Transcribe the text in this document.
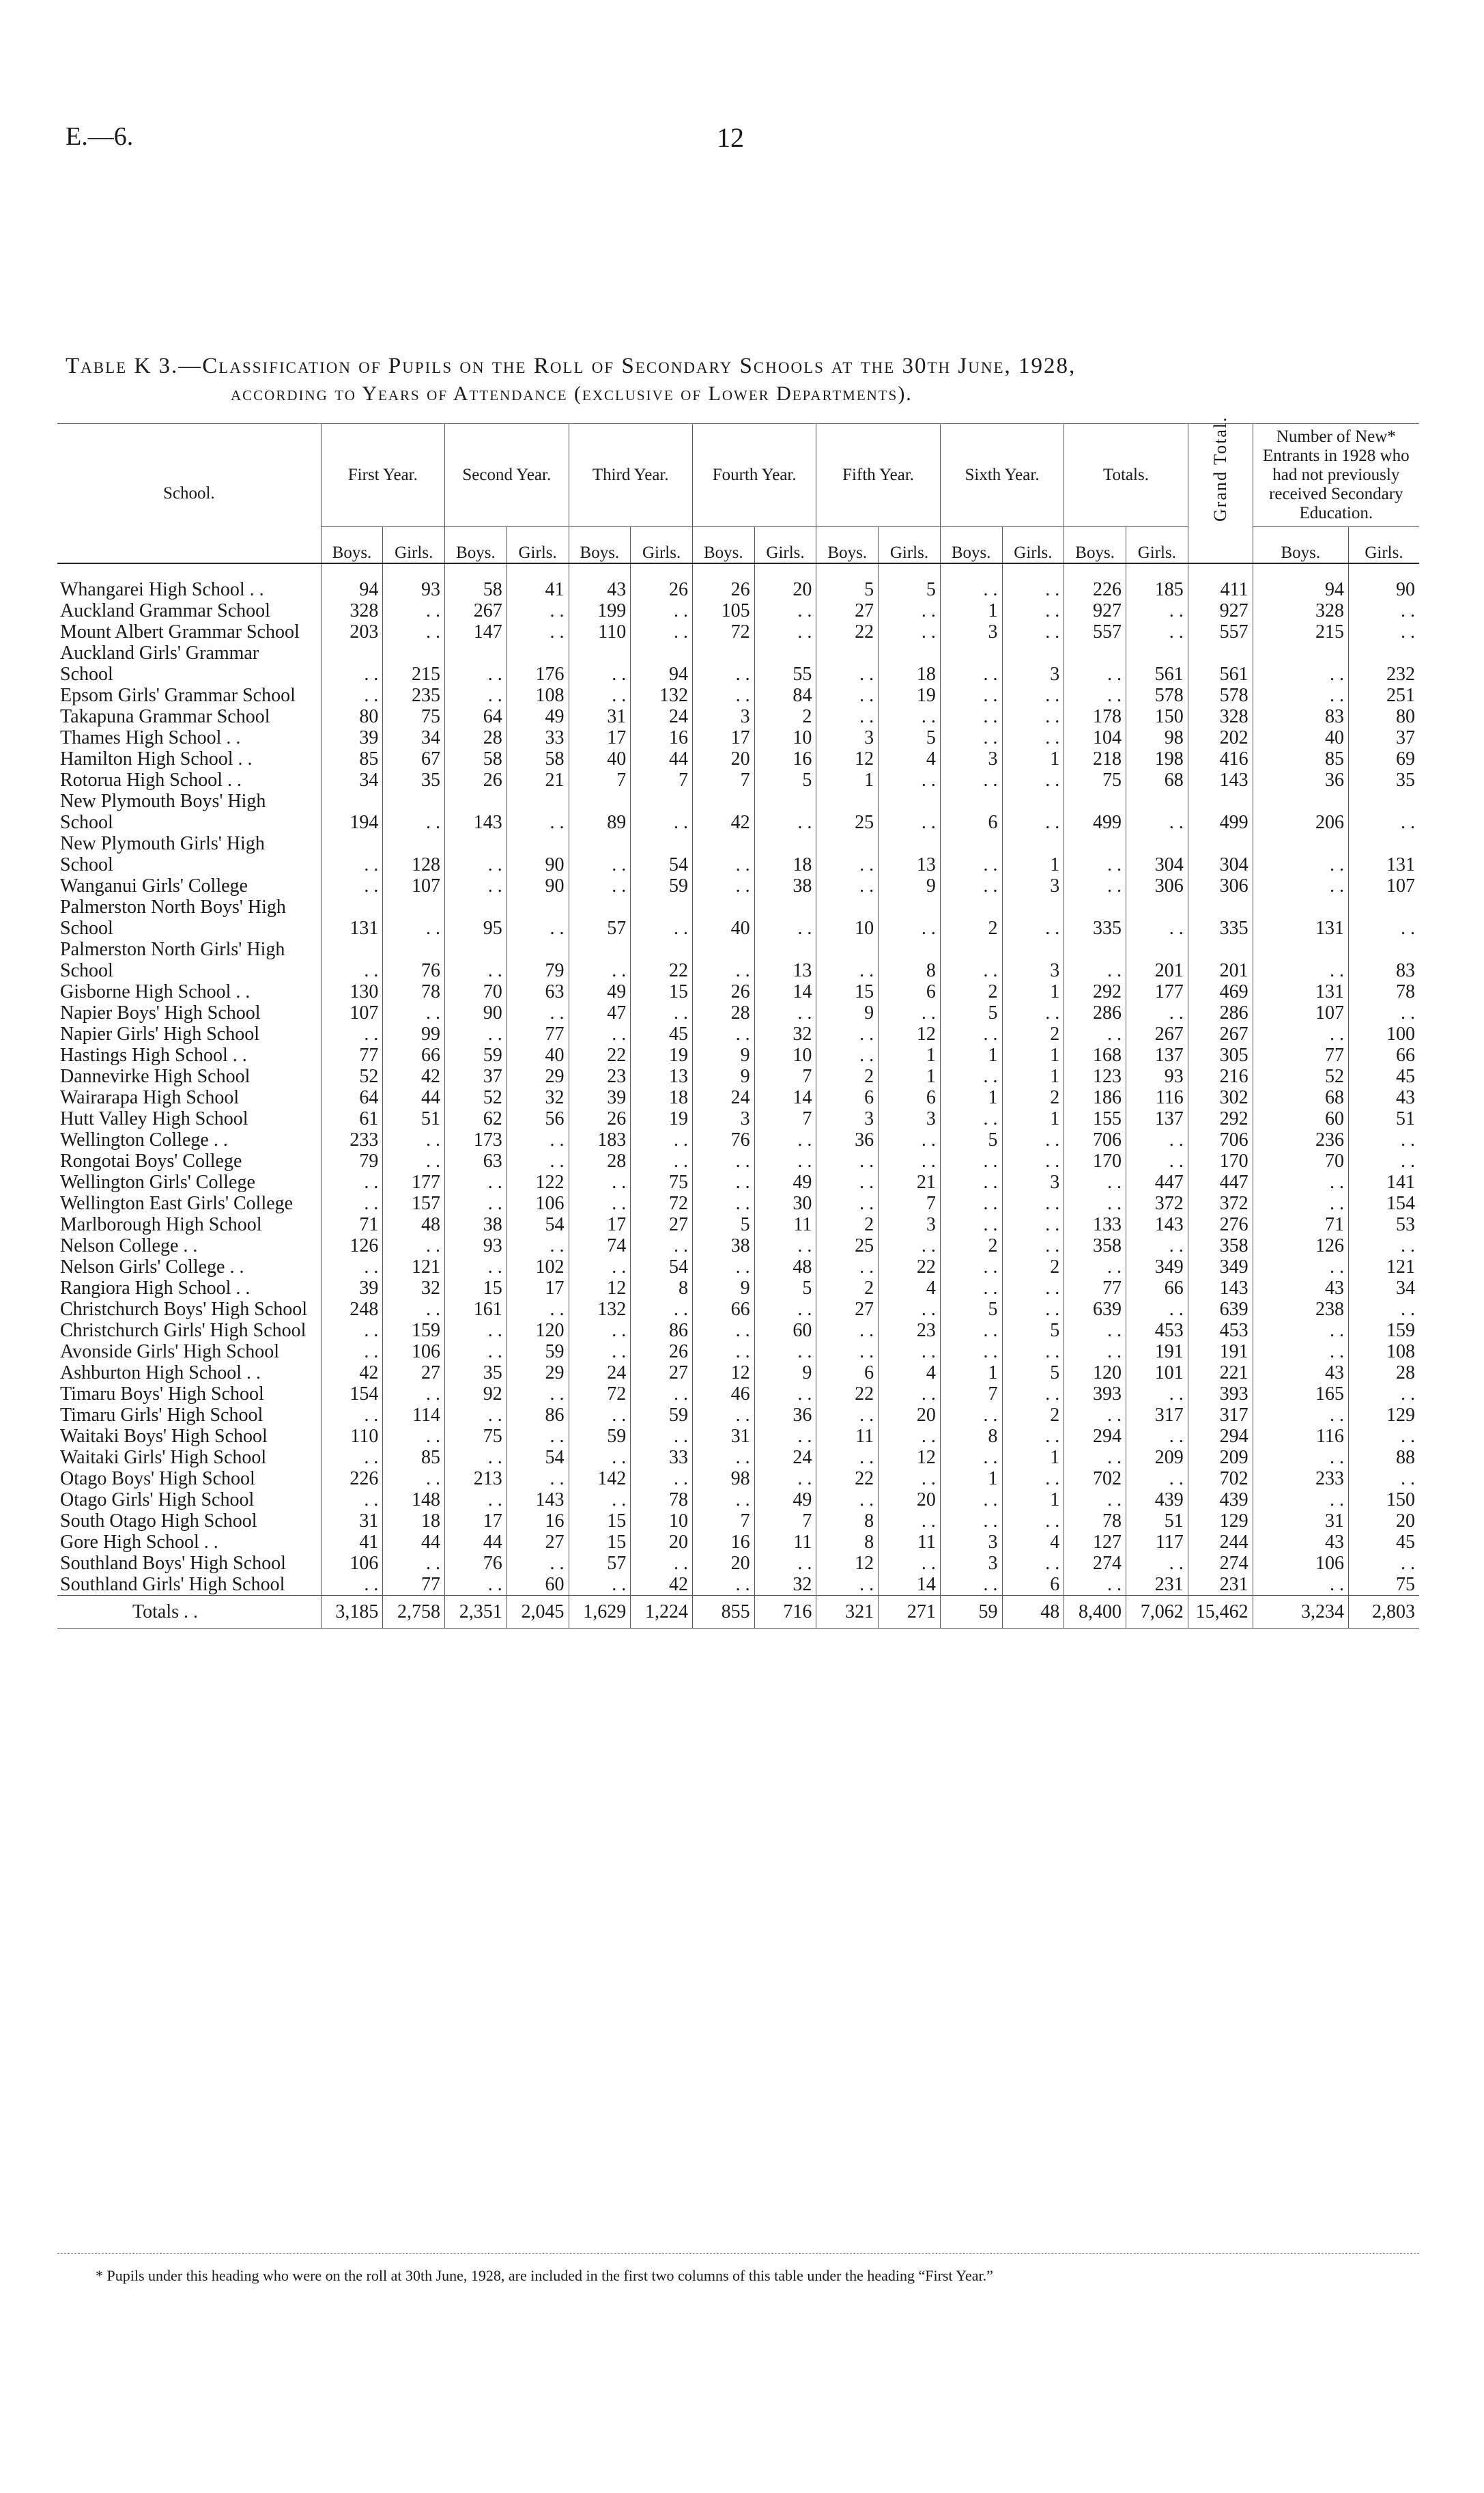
E.—6.	12
Table K 3.—Classification of Pupils on the Roll of Secondary Schools at the 30th June, 1928,
according to Years of Attendance (exclusive of Lower Departments).
School.	First Year.		Second Year.		Third Year.		Fourth Year.		Fifth Year.		Sixth Year.		Totals.		Grand Total.	Number of New* Entrants in 1928 who had not previously received Secondary Education.	
	Boys.	Girls.	Boys.	Girls.	Boys.	Girls.	Boys.	Girls.	Boys.	Girls.	Boys.	Girls.	Boys.	Girls.		Boys.	Girls.
Whangarei High School . .	94	93	58	41	43	26	26	20	5	5	. .	. .	226	185	411	94	90
Auckland Grammar School	328	. .	267	. .	199	. .	105	. .	27	. .	1	. .	927	. .	927	328	. .
Mount Albert Grammar School	203	. .	147	. .	110	. .	72	. .	22	. .	3	. .	557	. .	557	215	. .
Auckland Girls' Grammar School	. .	215	. .	176	. .	94	. .	55	. .	18	. .	3	. .	561	561	. .	232
Epsom Girls' Grammar School	. .	235	. .	108	. .	132	. .	84	. .	19	. .	. .	. .	578	578	. .	251
Takapuna Grammar School	80	75	64	49	31	24	3	2	. .	. .	. .	. .	178	150	328	83	80
Thames High School . .	39	34	28	33	17	16	17	10	3	5	. .	. .	104	98	202	40	37
Hamilton High School . .	85	67	58	58	40	44	20	16	12	4	3	1	218	198	416	85	69
Rotorua High School . .	34	35	26	21	7	7	7	5	1	. .	. .	. .	75	68	143	36	35
New Plymouth Boys' High School	194	. .	143	. .	89	. .	42	. .	25	. .	6	. .	499	. .	499	206	. .
New Plymouth Girls' High School	. .	128	. .	90	. .	54	. .	18	. .	13	. .	1	. .	304	304	. .	131
Wanganui Girls' College	. .	107	. .	90	. .	59	. .	38	. .	9	. .	3	. .	306	306	. .	107
Palmerston North Boys' High School	131	. .	95	. .	57	. .	40	. .	10	. .	2	. .	335	. .	335	131	. .
Palmerston North Girls' High School	. .	76	. .	79	. .	22	. .	13	. .	8	. .	3	. .	201	201	. .	83
Gisborne High School . .	130	78	70	63	49	15	26	14	15	6	2	1	292	177	469	131	78
Napier Boys' High School	107	. .	90	. .	47	. .	28	. .	9	. .	5	. .	286	. .	286	107	. .
Napier Girls' High School	. .	99	. .	77	. .	45	. .	32	. .	12	. .	2	. .	267	267	. .	100
Hastings High School . .	77	66	59	40	22	19	9	10	. .	1	1	1	168	137	305	77	66
Dannevirke High School	52	42	37	29	23	13	9	7	2	1	. .	1	123	93	216	52	45
Wairarapa High School	64	44	52	32	39	18	24	14	6	6	1	2	186	116	302	68	43
Hutt Valley High School	61	51	62	56	26	19	3	7	3	3	. .	1	155	137	292	60	51
Wellington College . .	233	. .	173	. .	183	. .	76	. .	36	. .	5	. .	706	. .	706	236	. .
Rongotai Boys' College	79	. .	63	. .	28	. .	. .	. .	. .	. .	. .	. .	170	. .	170	70	. .
Wellington Girls' College	. .	177	. .	122	. .	75	. .	49	. .	21	. .	3	. .	447	447	. .	141
Wellington East Girls' College	. .	157	. .	106	. .	72	. .	30	. .	7	. .	. .	. .	372	372	. .	154
Marlborough High School	71	48	38	54	17	27	5	11	2	3	. .	. .	133	143	276	71	53
Nelson College . .	126	. .	93	. .	74	. .	38	. .	25	. .	2	. .	358	. .	358	126	. .
Nelson Girls' College . .	. .	121	. .	102	. .	54	. .	48	. .	22	. .	2	. .	349	349	. .	121
Rangiora High School . .	39	32	15	17	12	8	9	5	2	4	. .	. .	77	66	143	43	34
Christchurch Boys' High School	248	. .	161	. .	132	. .	66	. .	27	. .	5	. .	639	. .	639	238	. .
Christchurch Girls' High School	. .	159	. .	120	. .	86	. .	60	. .	23	. .	5	. .	453	453	. .	159
Avonside Girls' High School	. .	106	. .	59	. .	26	. .	. .	. .	. .	. .	. .	. .	191	191	. .	108
Ashburton High School . .	42	27	35	29	24	27	12	9	6	4	1	5	120	101	221	43	28
Timaru Boys' High School	154	. .	92	. .	72	. .	46	. .	22	. .	7	. .	393	. .	393	165	. .
Timaru Girls' High School	. .	114	. .	86	. .	59	. .	36	. .	20	. .	2	. .	317	317	. .	129
Waitaki Boys' High School	110	. .	75	. .	59	. .	31	. .	11	. .	8	. .	294	. .	294	116	. .
Waitaki Girls' High School	. .	85	. .	54	. .	33	. .	24	. .	12	. .	1	. .	209	209	. .	88
Otago Boys' High School	226	. .	213	. .	142	. .	98	. .	22	. .	1	. .	702	. .	702	233	. .
Otago Girls' High School	. .	148	. .	143	. .	78	. .	49	. .	20	. .	1	. .	439	439	. .	150
South Otago High School	31	18	17	16	15	10	7	7	8	. .	. .	. .	78	51	129	31	20
Gore High School . .	41	44	44	27	15	20	16	11	8	11	3	4	127	117	244	43	45
Southland Boys' High School	106	. .	76	. .	57	. .	20	. .	12	. .	3	. .	274	. .	274	106	. .
Southland Girls' High School	. .	77	. .	60	. .	42	. .	32	. .	14	. .	6	. .	231	231	. .	75
Totals . .	3,185	2,758	2,351	2,045	1,629	1,224	855	716	321	271	59	48	8,400	7,062	15,462	3,234	2,803
* Pupils under this heading who were on the roll at 30th June, 1928, are included in the first two columns of this table under the heading “First Year.”
